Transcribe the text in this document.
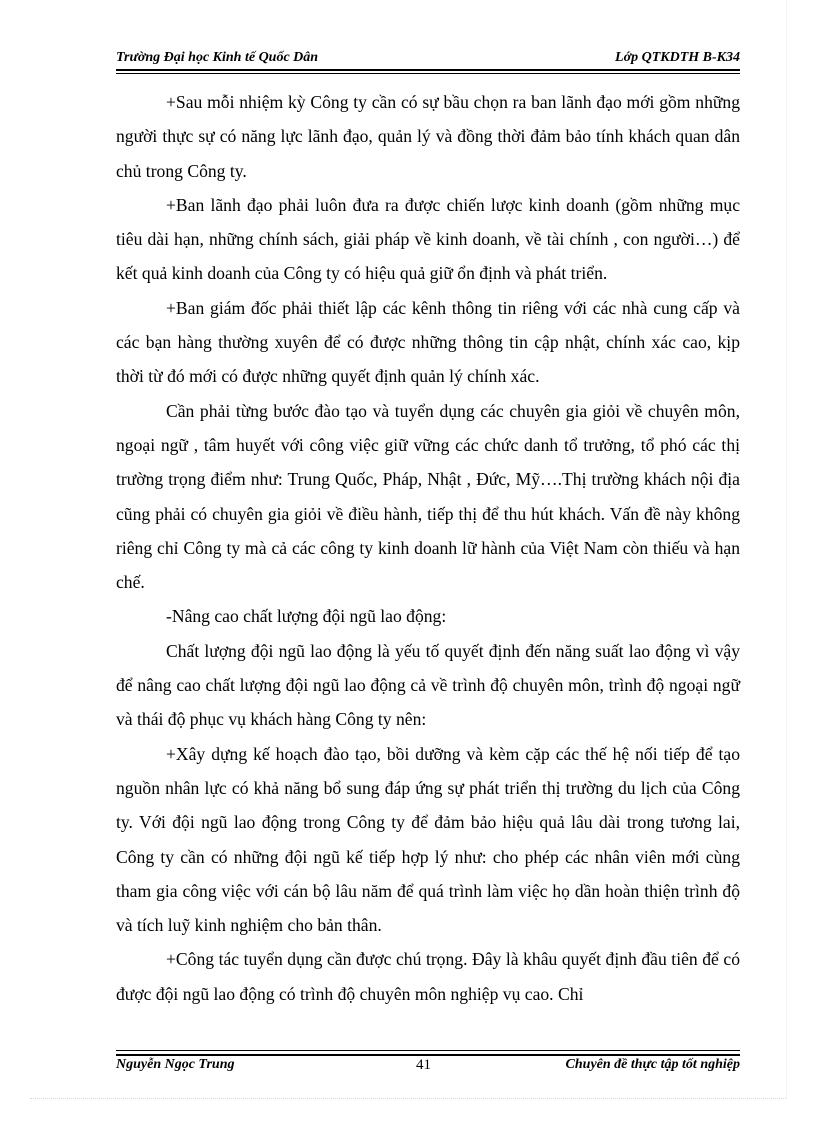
Trường Đại học Kinh tế Quốc Dân	Lớp QTKDTH B-K34

+Sau mỗi nhiệm kỳ Công ty cần có sự bầu chọn ra ban lãnh đạo mới gồm những người thực sự có năng lực lãnh đạo, quản lý và đồng thời đảm bảo tính khách quan dân chủ trong Công ty.

+Ban lãnh đạo phải luôn đưa ra được chiến lược kinh doanh (gồm những mục tiêu dài hạn, những chính sách, giải pháp về kinh doanh, về tài chính , con người…) để kết quả kinh doanh của Công ty có hiệu quả giữ ổn định và phát triển.

+Ban giám đốc phải thiết lập các kênh thông tin riêng với các nhà cung cấp và các bạn hàng thường xuyên để có được những thông tin cập nhật, chính xác cao, kịp thời từ đó mới có được những quyết định quản lý chính xác.

Cần phải từng bước đào tạo và tuyển dụng các chuyên gia giỏi về chuyên môn, ngoại ngữ , tâm huyết với công việc giữ vững các chức danh tổ trưởng, tổ phó các thị trường trọng điểm như: Trung Quốc, Pháp, Nhật , Đức, Mỹ….Thị trường khách nội địa cũng phải có chuyên gia giỏi về điều hành, tiếp thị để thu hút khách. Vấn đề này không riêng chỉ Công ty mà cả các công ty kinh doanh lữ hành của Việt Nam còn thiếu và hạn chế.

-Nâng cao chất lượng đội ngũ lao động:

Chất lượng đội ngũ lao động là yếu tố quyết định đến năng suất lao động vì vậy để nâng cao chất lượng đội ngũ lao động cả về trình độ chuyên môn, trình độ ngoại ngữ và thái độ phục vụ khách hàng Công ty nên:

+Xây dựng kế hoạch đào tạo, bồi dưỡng và kèm cặp các thế hệ nối tiếp để tạo nguồn nhân lực có khả năng bổ sung đáp ứng sự phát triển thị trường du lịch của Công ty. Với đội ngũ lao động trong Công ty để đảm bảo hiệu quả lâu dài trong tương lai, Công ty cần có những đội ngũ kế tiếp hợp lý như: cho phép các nhân viên mới cùng tham gia công việc với cán bộ lâu năm để quá trình làm việc họ dần hoàn thiện trình độ và tích luỹ kinh nghiệm cho bản thân.

+Công tác tuyển dụng cần được chú trọng. Đây là khâu quyết định đầu tiên để có được đội ngũ lao động có trình độ chuyên môn nghiệp vụ cao. Chỉ

Nguyễn Ngọc Trung	41	Chuyên đề thực tập tốt nghiệp
